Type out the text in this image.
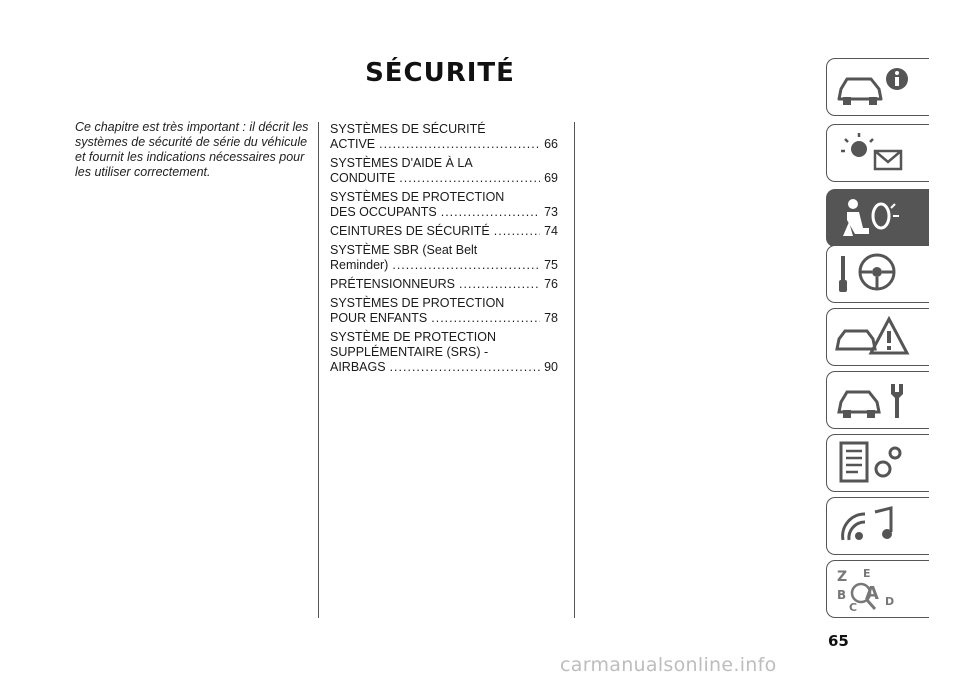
SÉCURITÉ
Ce chapitre est très important : il décrit les systèmes de sécurité de série du véhicule et fournit les indications nécessaires pour les utiliser correctement.
SYSTÈMES DE SÉCURITÉ
ACTIVE .....	66
SYSTÈMES D'AIDE À LA
CONDUITE .....	69
SYSTÈMES DE PROTECTION
DES OCCUPANTS .....	73
CEINTURES DE SÉCURITÉ .....	74
SYSTÈME SBR (Seat Belt
Reminder) .....	75
PRÉTENSIONNEURS .....	76
SYSTÈMES DE PROTECTION
POUR ENFANTS .....	78
SYSTÈME DE PROTECTION
SUPPLÉMENTAIRE (SRS) -
AIRBAGS .....	90
Z E
B A
C	D
65
carmanualsonline.info
